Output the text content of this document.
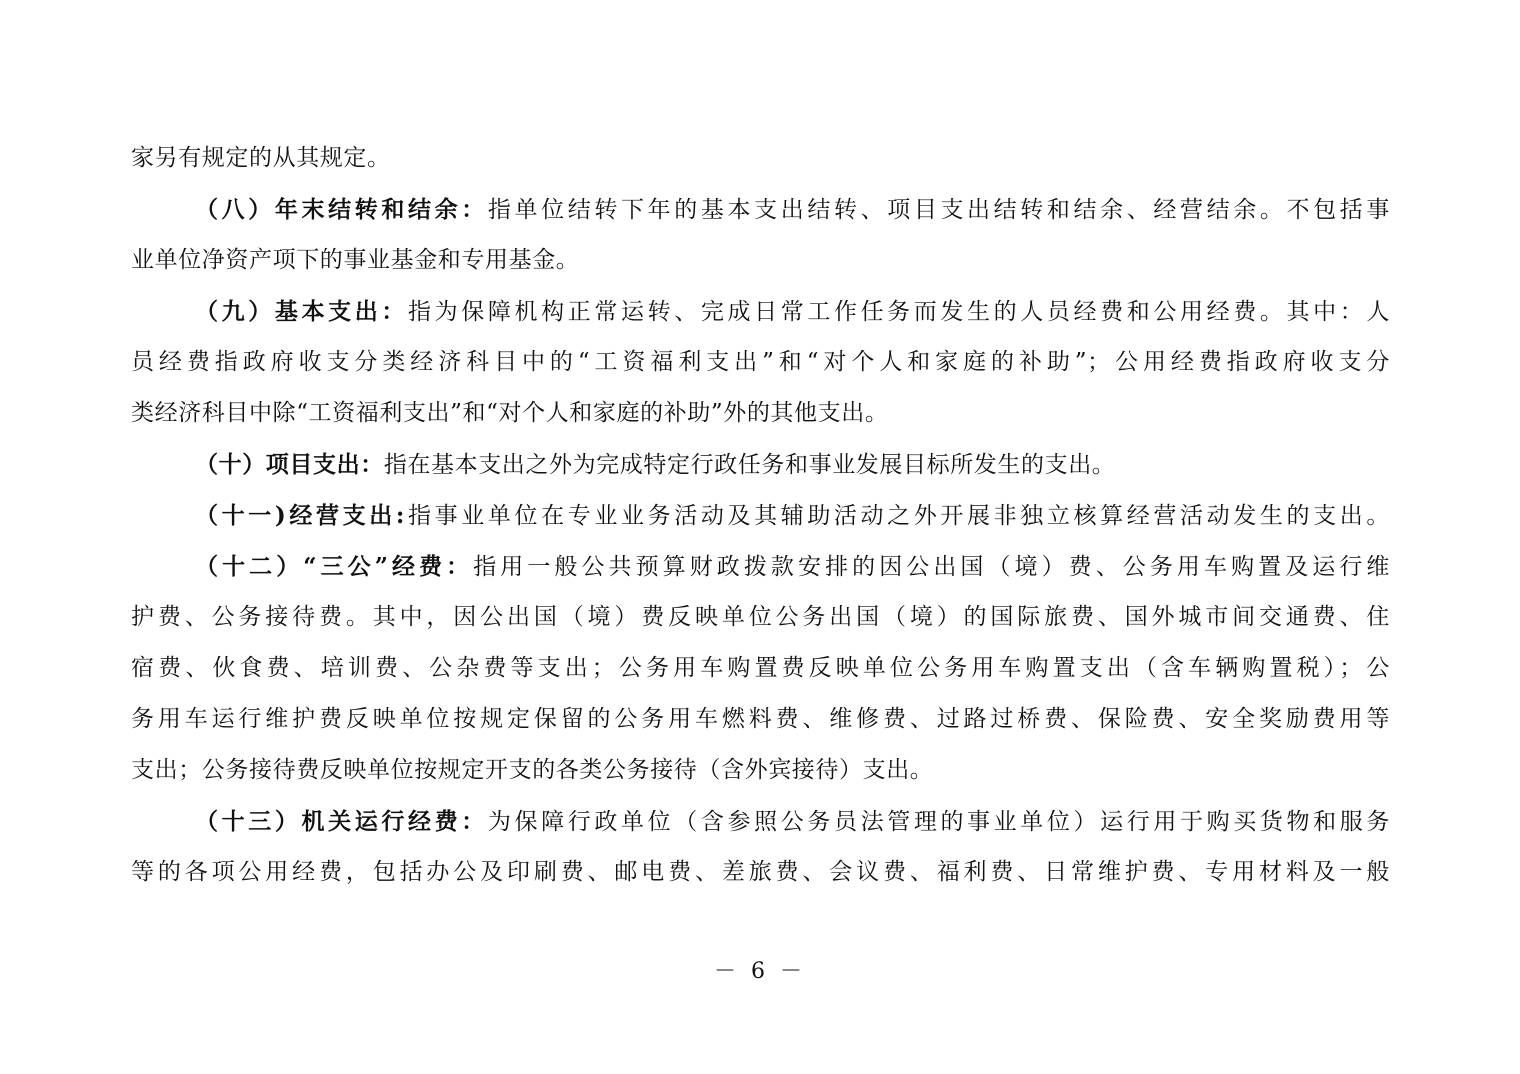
家另有规定的从其规定。
（八）年末结转和结余：指单位结转下年的基本支出结转、项目支出结转和结余、经营结余。不包括事
业单位净资产项下的事业基金和专用基金。
（九）基本支出：指为保障机构正常运转、完成日常工作任务而发生的人员经费和公用经费。其中：人
员经费指政府收支分类经济科目中的“工资福利支出”和“对个人和家庭的补助”；公用经费指政府收支分
类经济科目中除“工资福利支出”和“对个人和家庭的补助”外的其他支出。
（十）项目支出：指在基本支出之外为完成特定行政任务和事业发展目标所发生的支出。
（十一)经营支出:指事业单位在专业业务活动及其辅助活动之外开展非独立核算经营活动发生的支出。
（十二）“三公”经费：指用一般公共预算财政拨款安排的因公出国（境）费、公务用车购置及运行维
护费、公务接待费。其中，因公出国（境）费反映单位公务出国（境）的国际旅费、国外城市间交通费、住
宿费、伙食费、培训费、公杂费等支出；公务用车购置费反映单位公务用车购置支出（含车辆购置税）；公
务用车运行维护费反映单位按规定保留的公务用车燃料费、维修费、过路过桥费、保险费、安全奖励费用等
支出；公务接待费反映单位按规定开支的各类公务接待（含外宾接待）支出。
（十三）机关运行经费：为保障行政单位（含参照公务员法管理的事业单位）运行用于购买货物和服务
等的各项公用经费，包括办公及印刷费、邮电费、差旅费、会议费、福利费、日常维护费、专用材料及一般
－ 6 －
